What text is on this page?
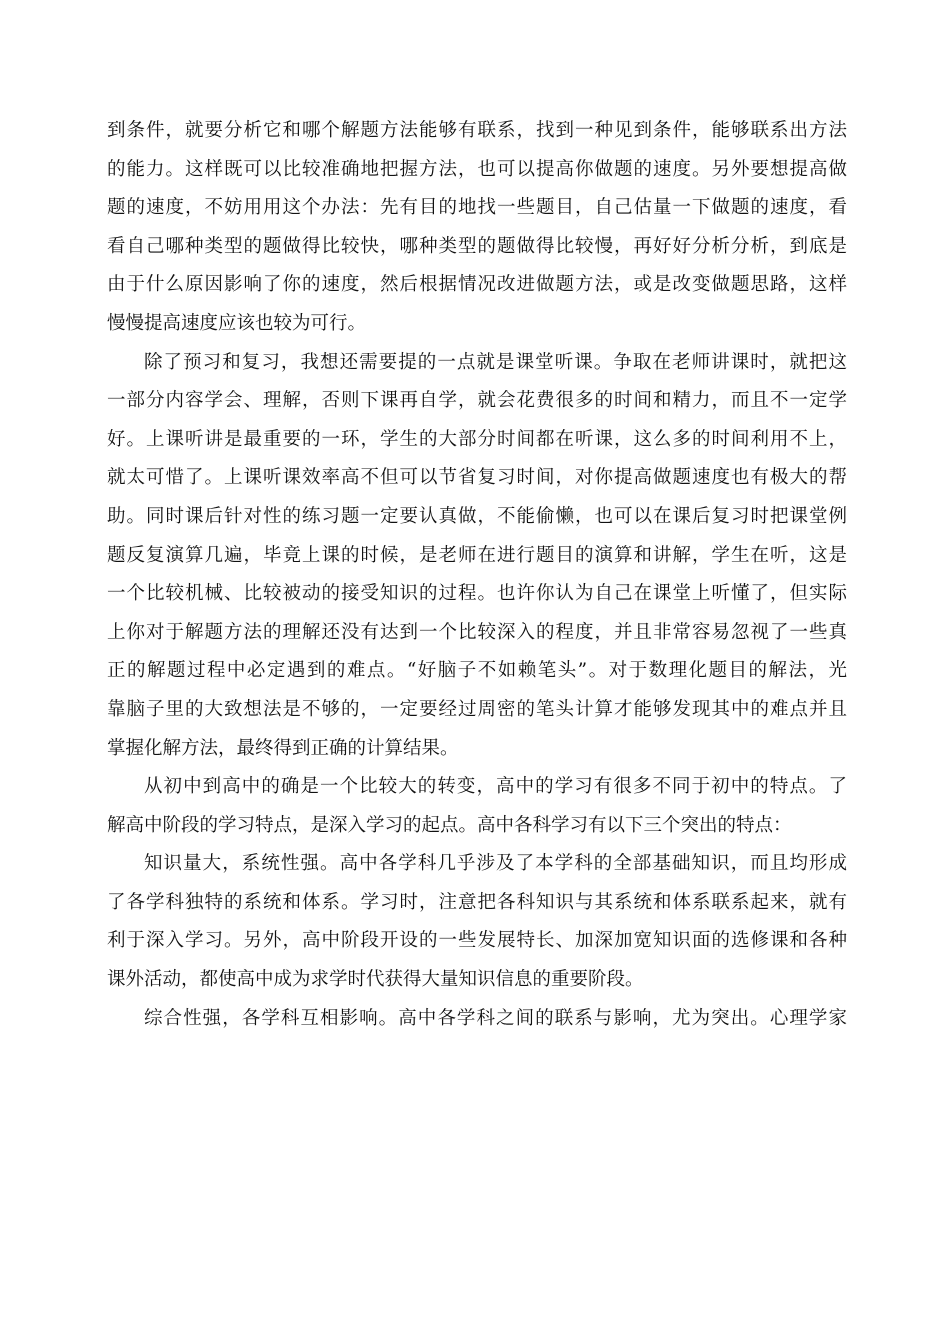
到条件，就要分析它和哪个解题方法能够有联系，找到一种见到条件，能够联系出方法
的能力。这样既可以比较准确地把握方法，也可以提高你做题的速度。另外要想提高做
题的速度，不妨用用这个办法：先有目的地找一些题目，自己估量一下做题的速度，看
看自己哪种类型的题做得比较快，哪种类型的题做得比较慢，再好好分析分析，到底是
由于什么原因影响了你的速度，然后根据情况改进做题方法，或是改变做题思路，这样
慢慢提高速度应该也较为可行。
除了预习和复习，我想还需要提的一点就是课堂听课。争取在老师讲课时，就把这
一部分内容学会、理解，否则下课再自学，就会花费很多的时间和精力，而且不一定学
好。上课听讲是最重要的一环，学生的大部分时间都在听课，这么多的时间利用不上，
就太可惜了。上课听课效率高不但可以节省复习时间，对你提高做题速度也有极大的帮
助。同时课后针对性的练习题一定要认真做，不能偷懒，也可以在课后复习时把课堂例
题反复演算几遍，毕竟上课的时候，是老师在进行题目的演算和讲解，学生在听，这是
一个比较机械、比较被动的接受知识的过程。也许你认为自己在课堂上听懂了，但实际
上你对于解题方法的理解还没有达到一个比较深入的程度，并且非常容易忽视了一些真
正的解题过程中必定遇到的难点。“好脑子不如赖笔头”。对于数理化题目的解法，光
靠脑子里的大致想法是不够的，一定要经过周密的笔头计算才能够发现其中的难点并且
掌握化解方法，最终得到正确的计算结果。
从初中到高中的确是一个比较大的转变，高中的学习有很多不同于初中的特点。了
解高中阶段的学习特点，是深入学习的起点。高中各科学习有以下三个突出的特点：
知识量大，系统性强。高中各学科几乎涉及了本学科的全部基础知识，而且均形成
了各学科独特的系统和体系。学习时，注意把各科知识与其系统和体系联系起来，就有
利于深入学习。另外，高中阶段开设的一些发展特长、加深加宽知识面的选修课和各种
课外活动，都使高中成为求学时代获得大量知识信息的重要阶段。
综合性强，各学科互相影响。高中各学科之间的联系与影响，尤为突出。心理学家
